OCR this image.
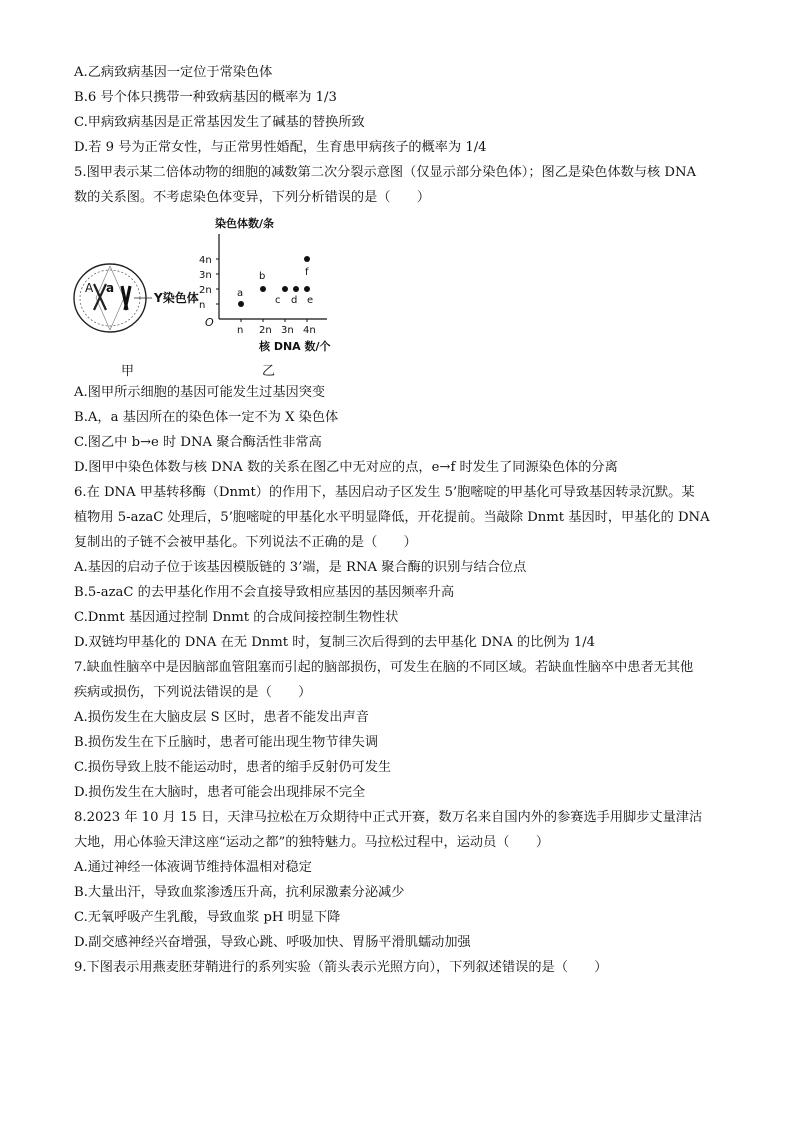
A.乙病致病基因一定位于常染色体
B.6 号个体只携带一种致病基因的概率为 1/3
C.甲病致病基因是正常基因发生了碱基的替换所致
D.若 9 号为正常女性，与正常男性婚配，生育患甲病孩子的概率为 1/4
5.图甲表示某二倍体动物的细胞的减数第二次分裂示意图（仅显示部分染色体）；图乙是染色体数与核 DNA
数的关系图。不考虑染色体变异，下列分析错误的是（　　）
A a
Y染色体
染色体数/条
核 DNA 数/个
O
n 2n 3n 4n
n
2n
3n
4n
a
b
c d e
f
甲	乙
A.图甲所示细胞的基因可能发生过基因突变
B.A，a 基因所在的染色体一定不为 X 染色体
C.图乙中 b→e 时 DNA 聚合酶活性非常高
D.图甲中染色体数与核 DNA 数的关系在图乙中无对应的点，e→f 时发生了同源染色体的分离
6.在 DNA 甲基转移酶（Dnmt）的作用下，基因启动子区发生 5’胞嘧啶的甲基化可导致基因转录沉默。某
植物用 5-azaC 处理后，5’胞嘧啶的甲基化水平明显降低，开花提前。当敲除 Dnmt 基因时，甲基化的 DNA
复制出的子链不会被甲基化。下列说法不正确的是（　　）
A.基因的启动子位于该基因模版链的 3’端，是 RNA 聚合酶的识别与结合位点
B.5-azaC 的去甲基化作用不会直接导致相应基因的基因频率升高
C.Dnmt 基因通过控制 Dnmt 的合成间接控制生物性状
D.双链均甲基化的 DNA 在无 Dnmt 时，复制三次后得到的去甲基化 DNA 的比例为 1/4
7.缺血性脑卒中是因脑部血管阻塞而引起的脑部损伤，可发生在脑的不同区域。若缺血性脑卒中患者无其他
疾病或损伤，下列说法错误的是（　　）
A.损伤发生在大脑皮层 S 区时，患者不能发出声音
B.损伤发生在下丘脑时，患者可能出现生物节律失调
C.损伤导致上肢不能运动时，患者的缩手反射仍可发生
D.损伤发生在大脑时，患者可能会出现排尿不完全
8.2023 年 10 月 15 日，天津马拉松在万众期待中正式开赛，数万名来自国内外的参赛选手用脚步丈量津沽
大地，用心体验天津这座“运动之都”的独特魅力。马拉松过程中，运动员（　　）
A.通过神经一体液调节维持体温相对稳定
B.大量出汗，导致血浆渗透压升高，抗利尿激素分泌减少
C.无氧呼吸产生乳酸，导致血浆 pH 明显下降
D.副交感神经兴奋增强，导致心跳、呼吸加快、胃肠平滑肌蠕动加强
9.下图表示用燕麦胚芽鞘进行的系列实验（箭头表示光照方向），下列叙述错误的是（　　）
